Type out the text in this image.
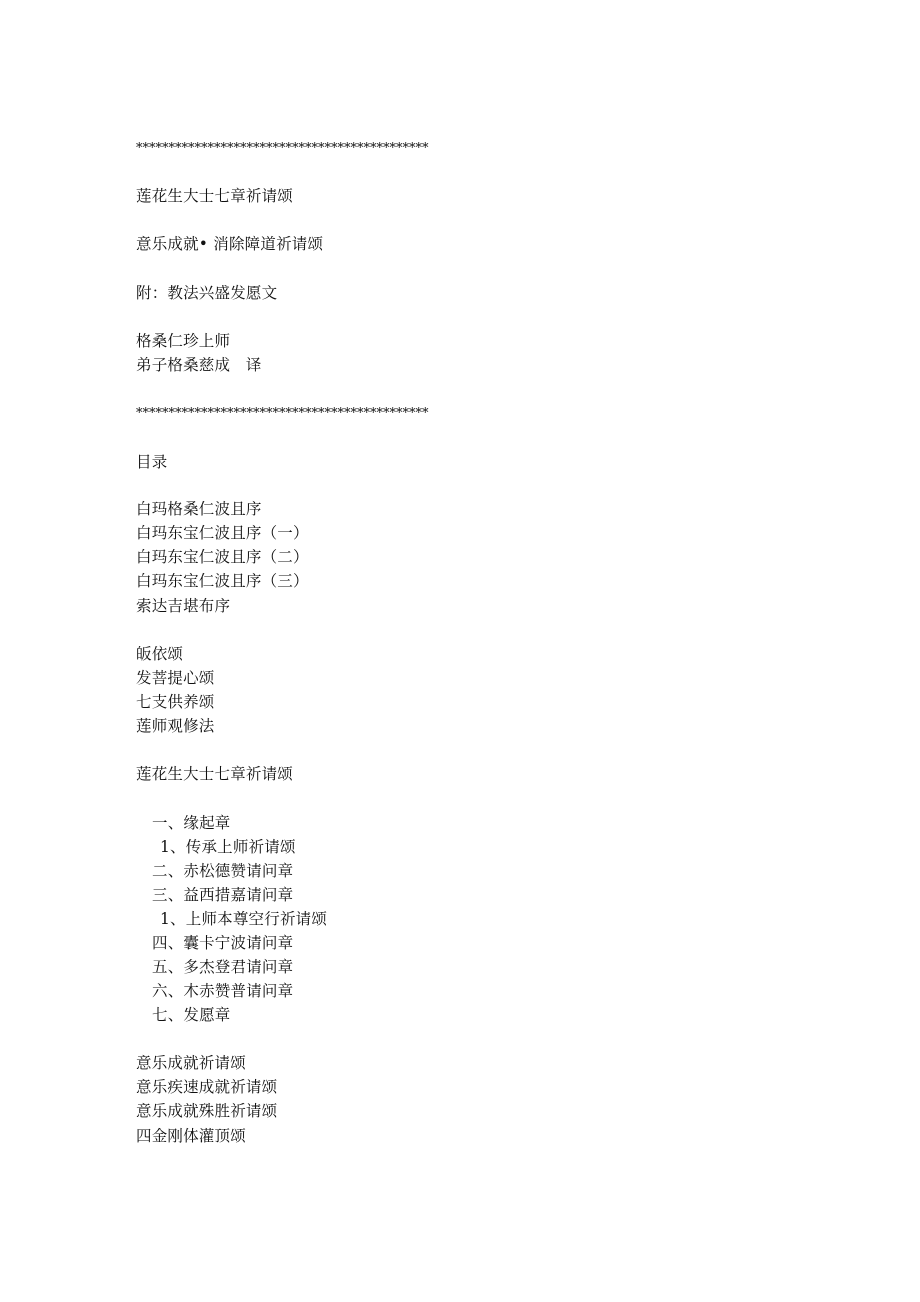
*********************************************
莲花生大士七章祈请颂
意乐成就• 消除障道祈请颂
附：教法兴盛发愿文
格桑仁珍上师
弟子格桑慈成　译
*********************************************
目录
白玛格桑仁波且序
白玛东宝仁波且序（一）
白玛东宝仁波且序（二）
白玛东宝仁波且序（三）
索达吉堪布序
皈依颂
发菩提心颂
七支供养颂
莲师观修法
莲花生大士七章祈请颂
一、缘起章
1、传承上师祈请颂
二、赤松德赞请问章
三、益西措嘉请问章
1、上师本尊空行祈请颂
四、囊卡宁波请问章
五、多杰登君请问章
六、木赤赞普请问章
七、发愿章
意乐成就祈请颂
意乐疾速成就祈请颂
意乐成就殊胜祈请颂
四金刚体灌顶颂
